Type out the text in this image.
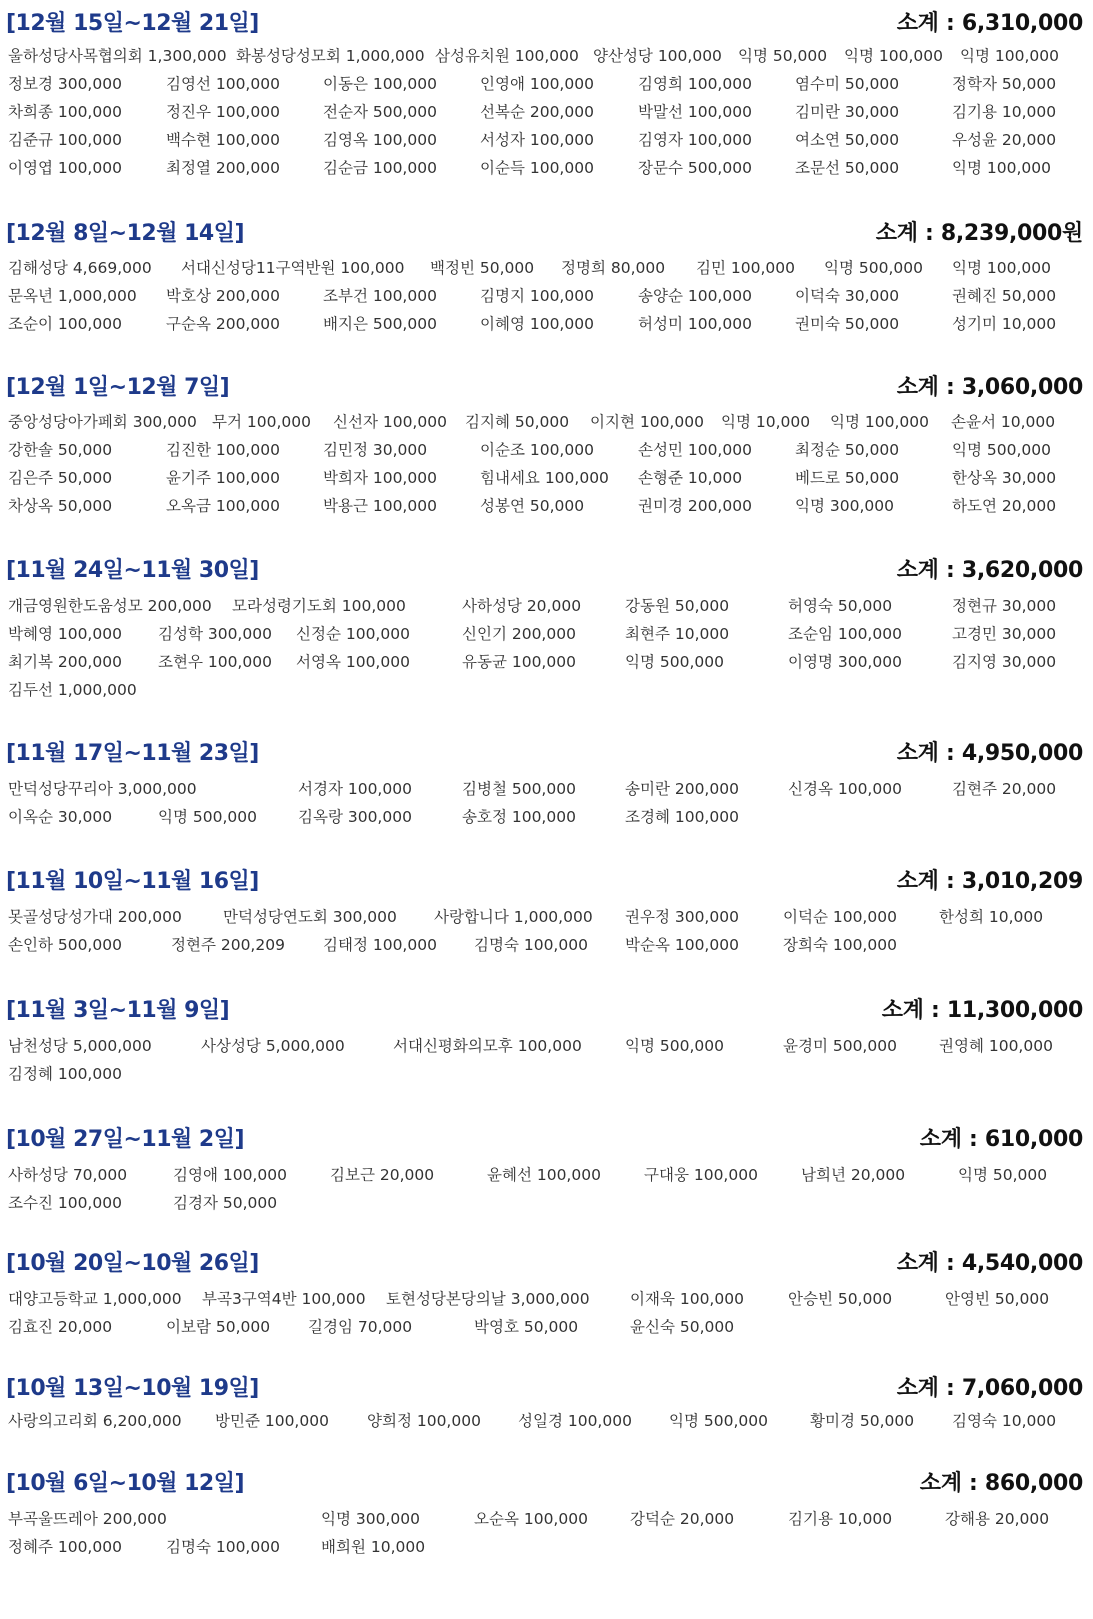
[12월 15일~12월 21일]	소계 : 6,310,000
울하성당사목협의회 1,300,000 화봉성당성모회 1,000,000 삼성유치원 100,000 양산성당 100,000 익명 50,000 익명 100,000 익명 100,000
정보경 300,000	김영선 100,000	이동은 100,000	인영애 100,000	김영희 100,000	염수미 50,000	정학자 50,000
차희종 100,000	정진우 100,000	전순자 500,000	선복순 200,000	박말선 100,000	김미란 30,000	김기용 10,000
김준규 100,000	백수현 100,000	김영옥 100,000	서성자 100,000	김영자 100,000	여소연 50,000	우성윤 20,000
이영엽 100,000	최정열 200,000	김순금 100,000	이순득 100,000	장문수 500,000	조문선 50,000	익명 100,000
[12월 8일~12월 14일]	소계 : 8,239,000원
김해성당 4,669,000 서대신성당11구역반원 100,000 백정빈 50,000 정명희 80,000 김민 100,000 익명 500,000 익명 100,000
문옥년 1,000,000 박호상 200,000	조부건 100,000	김명지 100,000	송양순 100,000	이덕숙 30,000	권혜진 50,000
조순이 100,000	구순옥 200,000	배지은 500,000	이혜영 100,000	허성미 100,000	권미숙 50,000	성기미 10,000
[12월 1일~12월 7일]	소계 : 3,060,000
중앙성당아가페회 300,000 무거 100,000 신선자 100,000 김지혜 50,000 이지현 100,000 익명 10,000 익명 100,000 손윤서 10,000
강한솔 50,000	김진한 100,000	김민정 30,000	이순조 100,000	손성민 100,000	최정순 50,000	익명 500,000
김은주 50,000	윤기주 100,000	박희자 100,000	힘내세요 100,000 손형준 10,000	베드로 50,000	한상옥 30,000
차상옥 50,000	오옥금 100,000	박용근 100,000	성봉연 50,000	권미경 200,000	익명 300,000	하도연 20,000
[11월 24일~11월 30일]	소계 : 3,620,000
개금영원한도움성모 200,000 모라성령기도회 100,000	사하성당 20,000	강동원 50,000	허영숙 50,000	정현규 30,000
박혜영 100,000 김성학 300,000 신정순 100,000	신인기 200,000	최현주 10,000	조순임 100,000	고경민 30,000
최기복 200,000 조현우 100,000 서영옥 100,000	유동균 100,000	익명 500,000	이영명 300,000	김지영 30,000
김두선 1,000,000
[11월 17일~11월 23일]	소계 : 4,950,000
만덕성당꾸리아 3,000,000	서경자 100,000	김병철 500,000	송미란 200,000	신경옥 100,000	김현주 20,000
이옥순 30,000	익명 500,000	김옥랑 300,000	송호정 100,000	조경혜 100,000
[11월 10일~11월 16일]	소계 : 3,010,209
못골성당성가대 200,000	만덕성당연도회 300,000 사랑합니다 1,000,000 권우정 300,000	이덕순 100,000	한성희 10,000
손인하 500,000	정현주 200,209 김태정 100,000 김명숙 100,000 박순옥 100,000	장희숙 100,000
[11월 3일~11월 9일]	소계 : 11,300,000
남천성당 5,000,000	사상성당 5,000,000	서대신평화의모후 100,000	익명 500,000	윤경미 500,000	권영혜 100,000
김정혜 100,000
[10월 27일~11월 2일]	소계 : 610,000
사하성당 70,000	김영애 100,000	김보근 20,000	윤혜선 100,000	구대웅 100,000	남희년 20,000	익명 50,000
조수진 100,000	김경자 50,000
[10월 20일~10월 26일]	소계 : 4,540,000
대양고등학교 1,000,000 부곡3구역4반 100,000 토현성당본당의날 3,000,000	이재욱 100,000	안승빈 50,000	안영빈 50,000
김효진 20,000	이보람 50,000 길경임 70,000	박영호 50,000	윤신숙 50,000
[10월 13일~10월 19일]	소계 : 7,060,000
사랑의고리회 6,200,000 방민준 100,000 양희정 100,000 성일경 100,000 익명 500,000	황미경 50,000 김영숙 10,000
[10월 6일~10월 12일]	소계 : 860,000
부곡울뜨레아 200,000	익명 300,000	오순옥 100,000	강덕순 20,000	김기용 10,000	강해용 20,000
정혜주 100,000	김명숙 100,000	배희원 10,000
